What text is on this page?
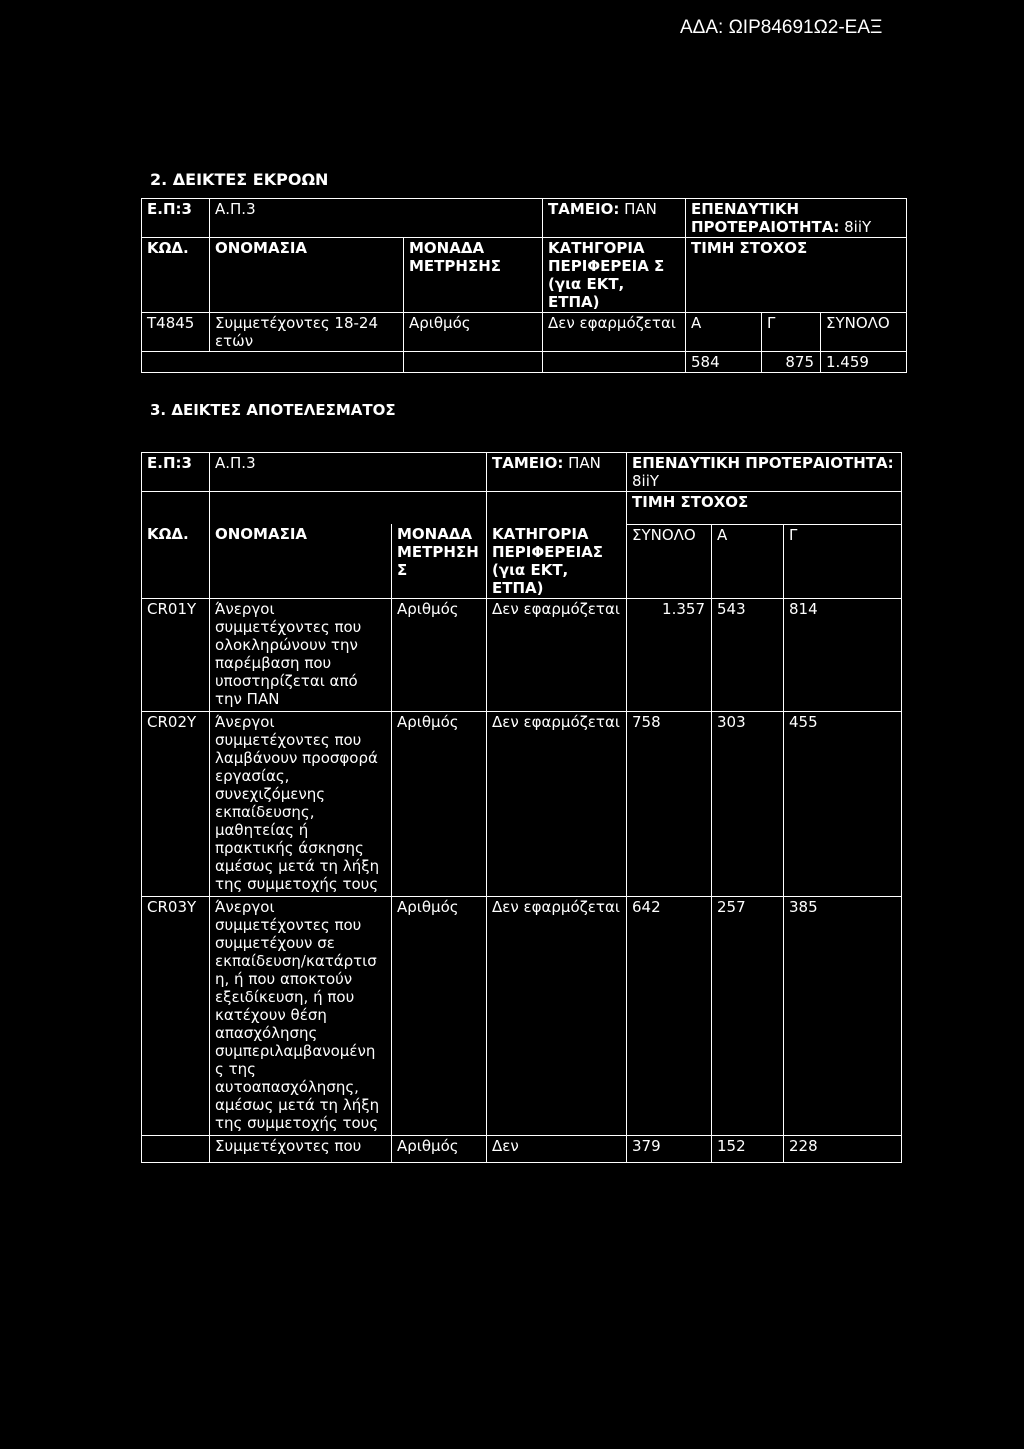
ΑΔΑ: ΩΙΡ84691Ω2-ΕΑΞ
2. ΔΕΙΚΤΕΣ ΕΚΡΟΩΝ
Ε.Π:3	Α.Π.3		ΤΑΜΕΙΟ: ΠΑΝ	ΕΠΕΝΔΥΤΙΚΗ ΠΡΟΤΕΡΑΙΟΤΗΤΑ: 8iiY		
ΚΩΔ.	ΟΝΟΜΑΣΙΑ	ΜΟΝΑΔΑ ΜΕΤΡΗΣΗΣ	ΚΑΤΗΓΟΡΙΑ ΠΕΡΙΦΕΡΕΙΑ Σ (για ΕΚΤ, ΕΤΠΑ)	ΤΙΜΗ ΣΤΟΧΟΣ		
Τ4845	Συμμετέχοντες 18-24 ετών	Αριθμός	Δεν εφαρμόζεται	Α	Γ	ΣΥΝΟΛΟ
				584	875	1.459
3. ΔΕΙΚΤΕΣ ΑΠΟΤΕΛΕΣΜΑΤΟΣ
Ε.Π:3	Α.Π.3		ΤΑΜΕΙΟ: ΠΑΝ	ΕΠΕΝΔΥΤΙΚΗ ΠΡΟΤΕΡΑΙΟΤΗΤΑ: 8iiY		
				ΤΙΜΗ ΣΤΟΧΟΣ		
ΚΩΔ.	ΟΝΟΜΑΣΙΑ	ΜΟΝΑΔΑ ΜΕΤΡΗΣΗ Σ	ΚΑΤΗΓΟΡΙΑ ΠΕΡΙΦΕΡΕΙΑΣ (για ΕΚΤ, ΕΤΠΑ)	ΣΥΝΟΛΟ	Α	Γ
CR01Y	Άνεργοι συμμετέχοντες που ολοκληρώνουν την παρέμβαση που υποστηρίζεται από την ΠΑΝ	Αριθμός	Δεν εφαρμόζεται	1.357	543	814
CR02Y	Άνεργοι συμμετέχοντες που λαμβάνουν προσφορά εργασίας, συνεχιζόμενης εκπαίδευσης, μαθητείας ή πρακτικής άσκησης αμέσως μετά τη λήξη της συμμετοχής τους	Αριθμός	Δεν εφαρμόζεται	758	303	455
CR03Y	Άνεργοι συμμετέχοντες που συμμετέχουν σε εκπαίδευση/κατάρτισ η, ή που αποκτούν εξειδίκευση, ή που κατέχουν θέση απασχόλησης συμπεριλαμβανομένη ς της αυτοαπασχόλησης, αμέσως μετά τη λήξη της συμμετοχής τους	Αριθμός	Δεν εφαρμόζεται	642	257	385
	Συμμετέχοντες που	Αριθμός	Δεν	379	152	228
